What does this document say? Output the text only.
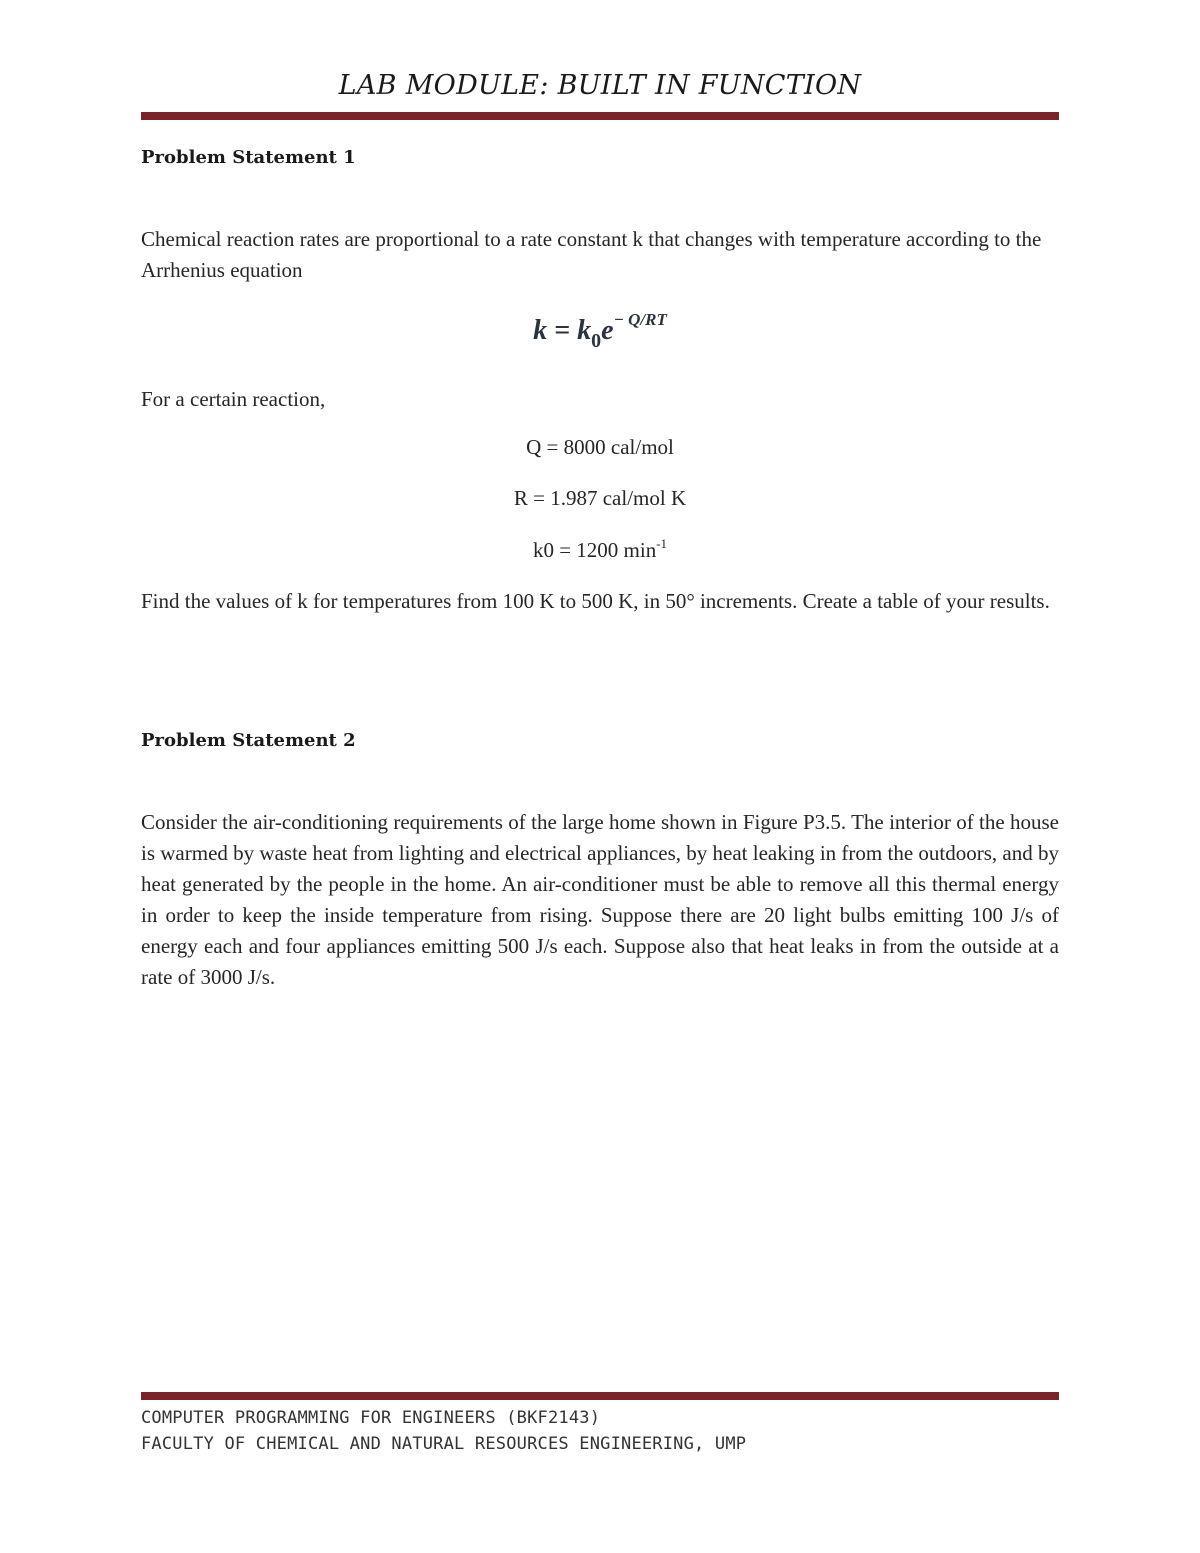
LAB MODULE: BUILT IN FUNCTION
Problem Statement 1
Chemical reaction rates are proportional to a rate constant k that changes with temperature according to the Arrhenius equation
$k = k_0e^{- Q/RT}$
For a certain reaction,
Q = 8000 cal/mol
R = 1.987 cal/mol K
k0 = 1200 $\min^{-1}$
Find the values of k for temperatures from 100 K to 500 K, in 50° increments. Create a table of your results.
Problem Statement 2
Consider the air-conditioning requirements of the large home shown in Figure P3.5. The interior of the house is warmed by waste heat from lighting and electrical appliances, by heat leaking in from the outdoors, and by heat generated by the people in the home. An air-conditioner must be able to remove all this thermal energy in order to keep the inside temperature from rising. Suppose there are 20 light bulbs emitting 100 J/s of energy each and four appliances emitting 500 J/s each. Suppose also that heat leaks in from the outside at a rate of 3000 J/s.
COMPUTER PROGRAMMING FOR ENGINEERS (BKF2143)
FACULTY OF CHEMICAL AND NATURAL RESOURCES ENGINEERING, UMP
